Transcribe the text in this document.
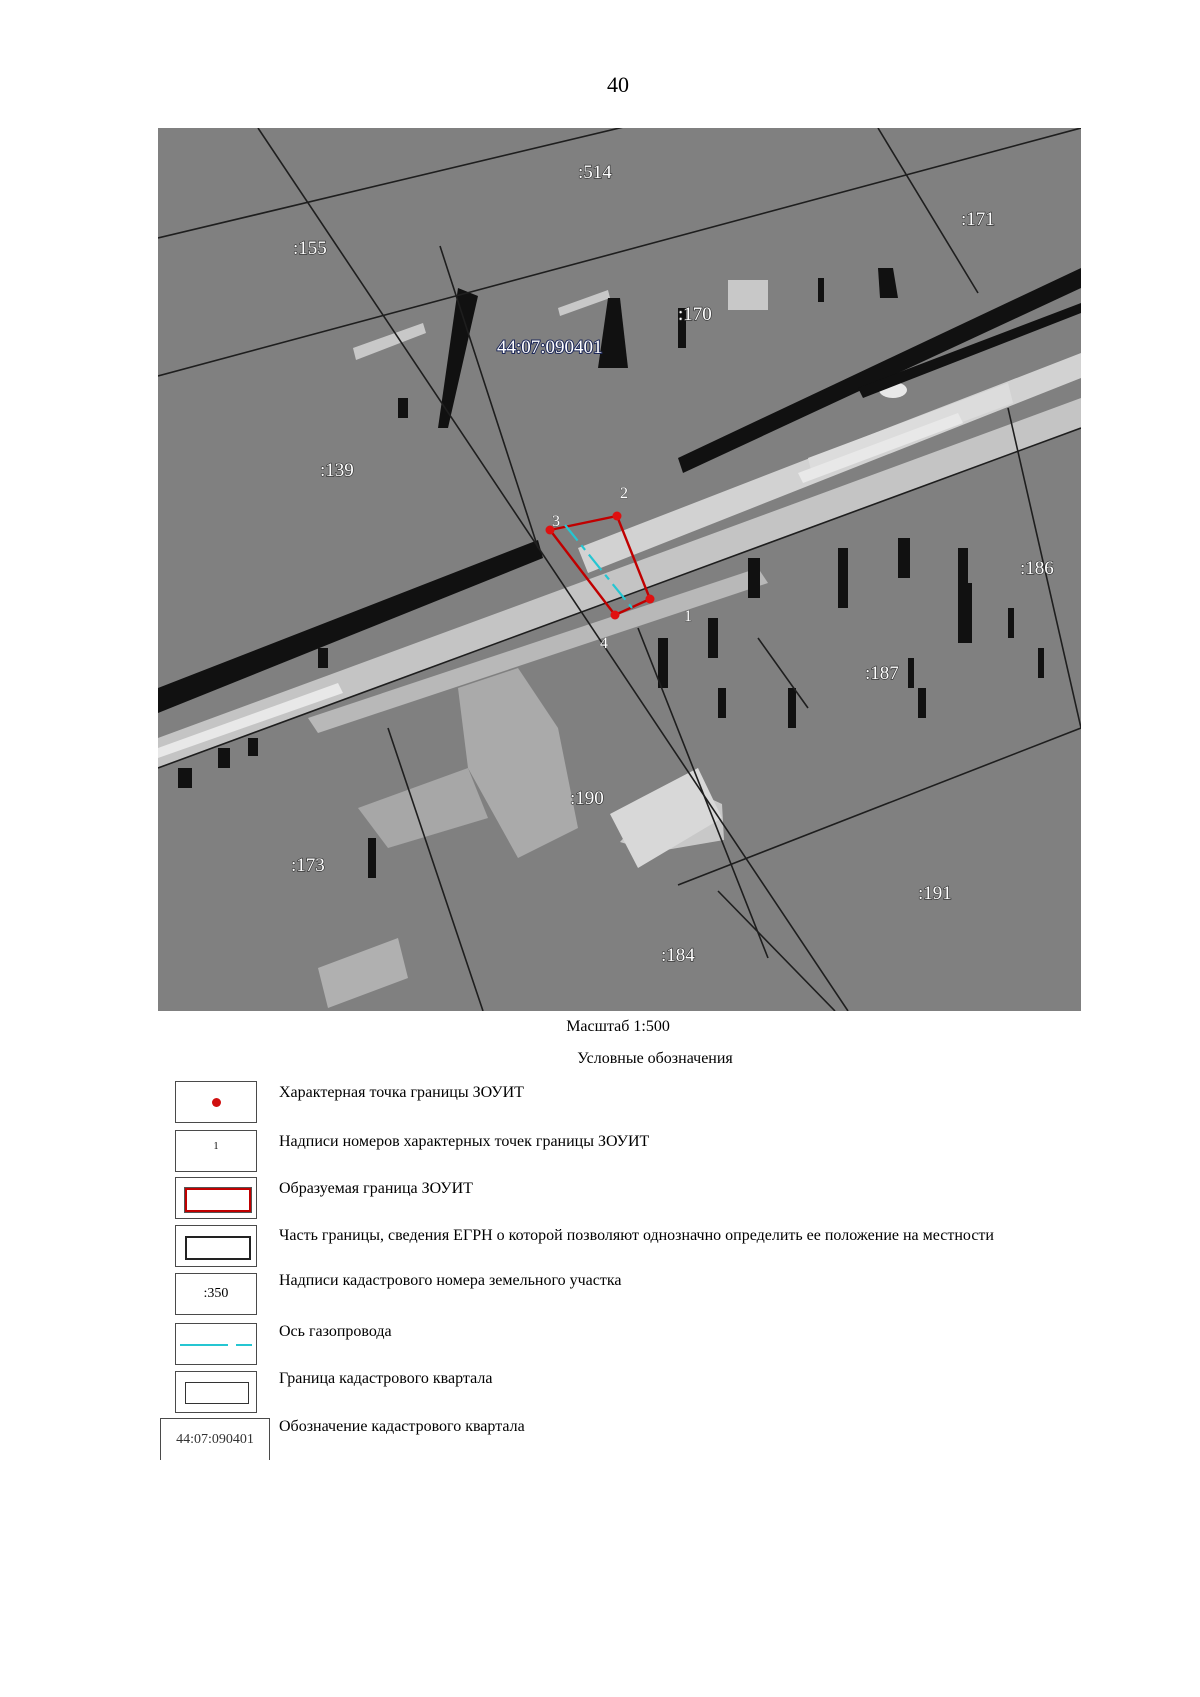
40
2
3
1
4
:514
:171
:155
:170
:139
:186
:187
:190
:173
:191
:184
44:07:090401
Масштаб 1:500
Условные обозначения
Характерная точка границы ЗОУИТ
1	Надписи номеров характерных точек границы ЗОУИТ
Образуемая граница ЗОУИТ
Часть границы, сведения ЕГРН о которой позволяют однозначно определить ее положение на местности
:350
Надписи кадастрового номера земельного участка
Ось газопровода
Граница кадастрового квартала
44:07:090401
Обозначение кадастрового квартала
